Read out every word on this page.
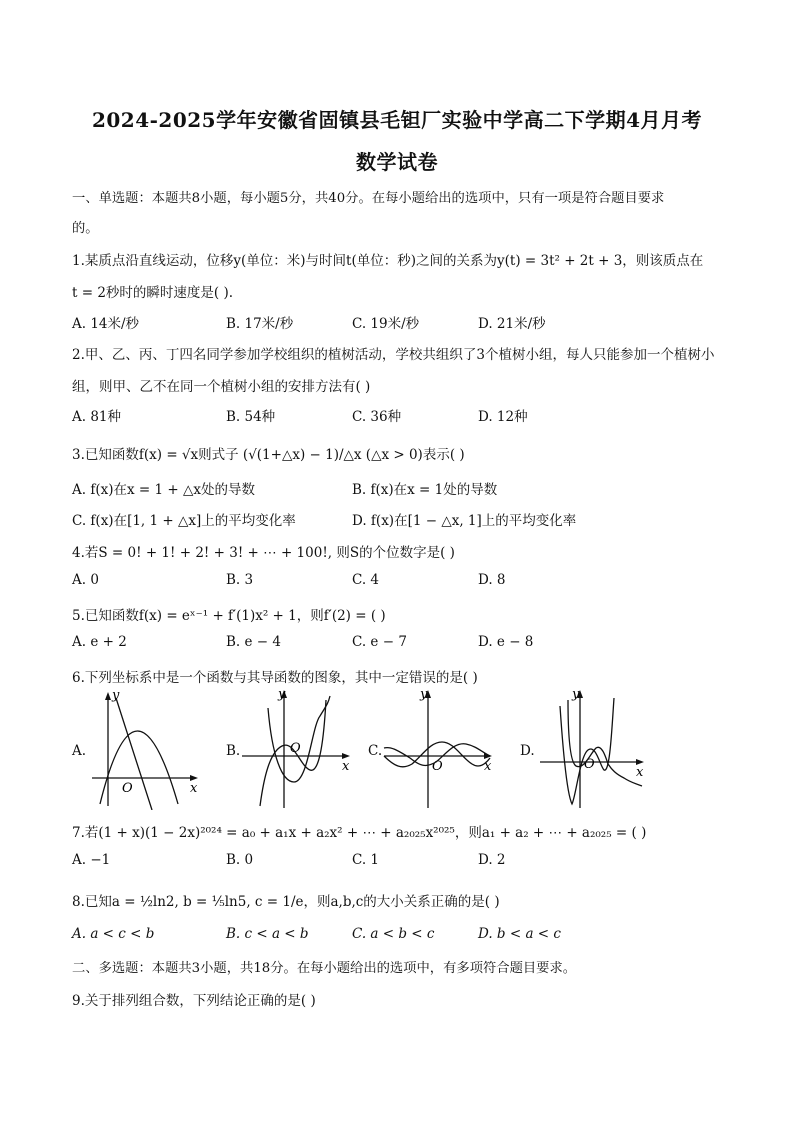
2024-2025学年安徽省固镇县毛钽厂实验中学高二下学期4月月考
数学试卷
一、单选题：本题共8小题，每小题5分，共40分。在每小题给出的选项中，只有一项是符合题目要求
的。
1.某质点沿直线运动，位移y(单位：米)与时间t(单位：秒)之间的关系为y(t) = 3t² + 2t + 3，则该质点在
t = 2秒时的瞬时速度是( ).
A. 14米/秒	B. 17米/秒	C. 19米/秒	D. 21米/秒
2.甲、乙、丙、丁四名同学参加学校组织的植树活动，学校共组织了3个植树小组，每人只能参加一个植树小
组，则甲、乙不在同一个植树小组的安排方法有( )
A. 81种	B. 54种	C. 36种	D. 12种
3.已知函数f(x) = √x则式子 (√(1+△x) − 1)/△x (△x > 0)表示( )
A. f(x)在x = 1 + △x处的导数	B. f(x)在x = 1处的导数
C. f(x)在[1, 1 + △x]上的平均变化率	D. f(x)在[1 − △x, 1]上的平均变化率
4.若S = 0! + 1! + 2! + 3! + ⋯ + 100!, 则S的个位数字是( )
A. 0	B. 3	C. 4	D. 8
5.已知函数f(x) = eˣ⁻¹ + f′(1)x² + 1，则f′(2) = ( )
A. e + 2	B. e − 4	C. e − 7	D. e − 8
6.下列坐标系中是一个函数与其导函数的图象，其中一定错误的是( )
A.
y
x
O
B.
y
x
O	C.
y
x
O
D.
y
x
O
7.若(1 + x)(1 − 2x)²⁰²⁴ = a₀ + a₁x + a₂x² + ⋯ + a₂₀₂₅x²⁰²⁵，则a₁ + a₂ + ⋯ + a₂₀₂₅ = ( )
A. −1	B. 0	C. 1	D. 2
8.已知a = ½ln2, b = ⅕ln5, c = 1/e，则a,b,c的大小关系正确的是( )
A. a < c < b	B. c < a < b	C. a < b < c	D. b < a < c
二、多选题：本题共3小题，共18分。在每小题给出的选项中，有多项符合题目要求。
9.关于排列组合数，下列结论正确的是( )
